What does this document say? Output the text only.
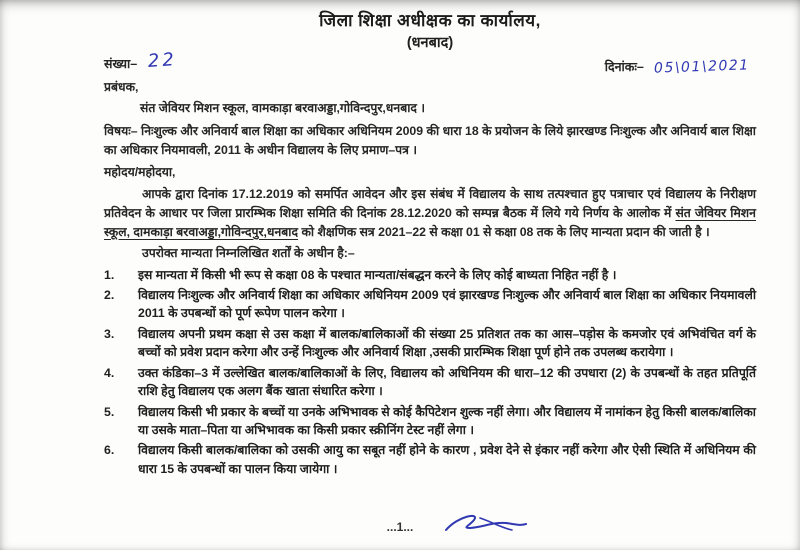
जिला शिक्षा अधीक्षक का कार्यालय,

(धनबाद)

संख्या– 22	दिनांकः– 05\01\2021
प्रबंधक,
संत जेवियर मिशन स्कूल, वामकाड़ा बरवाअड्डा,गोविन्दपुर,धनबाद ।
विषयः– निःशुल्क और अनिवार्य बाल शिक्षा का अधिकार अधिनियम 2009 की धारा 18 के प्रयोजन के लिये झारखण्ड निःशुल्क और अनिवार्य बाल शिक्षा का अधिकार नियमावली, 2011 के अधीन विद्यालय के लिए प्रमाण–पत्र ।
महोदय/महोदया,
आपके द्वारा दिनांक 17.12.2019 को समर्पित आवेदन और इस संबंध में विद्यालय के साथ तत्पश्चात हुए पत्राचार एवं विद्यालय के निरीक्षण प्रतिवेदन के आधार पर जिला प्रारम्भिक शिक्षा समिति की दिनांक 28.12.2020 को सम्पन्न बैठक में लिये गये निर्णय के आलोक में संत जेवियर मिशन स्कूल, दामकाड़ा बरवाअड्डा,गोविन्दपुर,धनबाद को शैक्षणिक सत्र 2021–22 से कक्षा 01 से कक्षा 08 तक के लिए मान्यता प्रदान की जाती है ।
उपरोक्त मान्यता निम्नलिखित शर्तों के अधीन है:–
1.	इस मान्यता में किसी भी रूप से कक्षा 08 के पश्चात मान्यता/संबद्धन करने के लिए कोई बाध्यता निहित नहीं है ।
2.	विद्यालय निःशुल्क और अनिवार्य शिक्षा का अधिकार अधिनियम 2009 एवं झारखण्ड निःशुल्क और अनिवार्य बाल शिक्षा का अधिकार नियमावली 2011 के उपबन्धों को पूर्ण रूपेण पालन करेगा ।
3.	विद्यालय अपनी प्रथम कक्षा से उस कक्षा में बालक/बालिकाओं की संख्या 25 प्रतिशत तक का आस–पड़ोस के कमजोर एवं अभिवंचित वर्ग के बच्चों को प्रवेश प्रदान करेगा और उन्हें निःशुल्क और अनिवार्य शिक्षा ,उसकी प्रारम्भिक शिक्षा पूर्ण होने तक उपलब्ध करायेगा ।
4.	उक्त कंडिका–3 में उल्लेखित बालक/बालिकाओं के लिए, विद्यालय को अधिनियम की धारा–12 की उपधारा (2) के उपबन्धों के तहत प्रतिपूर्ति राशि हेतु विद्यालय एक अलग बैंक खाता संधारित करेगा ।
5.	विद्यालय किसी भी प्रकार के बच्चों या उनके अभिभावक से कोई कैपिटेशन शुल्क नहीं लेगा। और विद्यालय में नामांकन हेतु किसी बालक/बालिका या उसके माता–पिता या अभिभावक का किसी प्रकार स्क्रीनिंग टेस्ट नहीं लेगा ।
6.	विद्यालय किसी बालक/बालिका को उसकी आयु का सबूत नहीं होने के कारण , प्रवेश देने से इंकार नहीं करेगा और ऐसी स्थिति में अधिनियम की धारा 15 के उपबन्धों का पालन किया जायेगा ।
...1...
